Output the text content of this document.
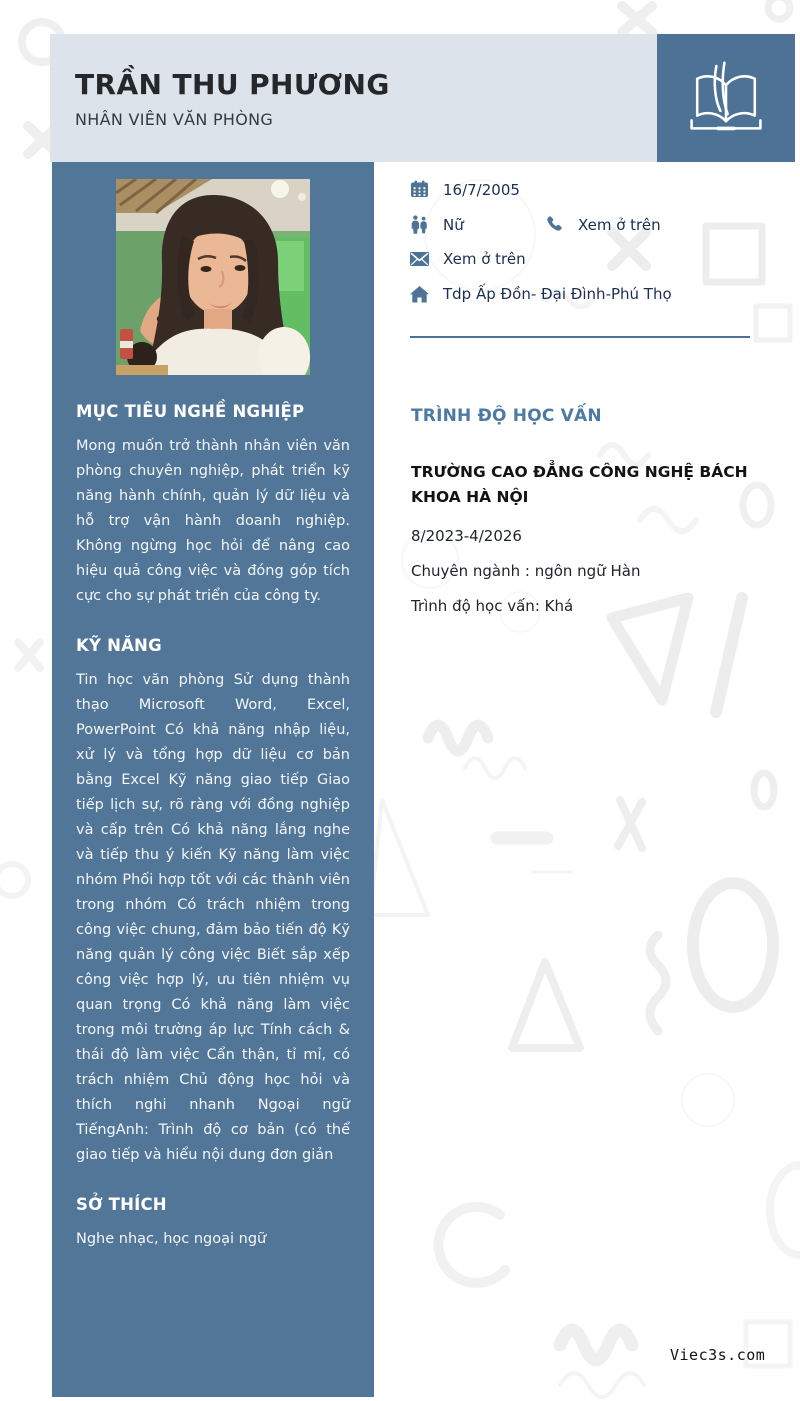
TRẦN THU PHƯƠNG
NHÂN VIÊN VĂN PHÒNG
MỤC TIÊU NGHỀ NGHIỆP

Mong muốn trở thành nhân viên văn phòng chuyên nghiệp, phát triển kỹ năng hành chính, quản lý dữ liệu và hỗ trợ vận hành doanh nghiệp. Không ngừng học hỏi để nâng cao hiệu quả công việc và đóng góp tích cực cho sự phát triển của công ty.

KỸ NĂNG

Tin học văn phòng Sử dụng thành thạo Microsoft Word, Excel, PowerPoint Có khả năng nhập liệu, xử lý và tổng hợp dữ liệu cơ bản bằng Excel Kỹ năng giao tiếp Giao tiếp lịch sự, rõ ràng với đồng nghiệp và cấp trên Có khả năng lắng nghe và tiếp thu ý kiến Kỹ năng làm việc nhóm Phối hợp tốt với các thành viên trong nhóm Có trách nhiệm trong công việc chung, đảm bảo tiến độ Kỹ năng quản lý công việc Biết sắp xếp công việc hợp lý, ưu tiên nhiệm vụ quan trọng Có khả năng làm việc trong môi trường áp lực Tính cách & thái độ làm việc Cẩn thận, tỉ mỉ, có trách nhiệm Chủ động học hỏi và thích nghi nhanh Ngoại ngữ TiếngAnh: Trình độ cơ bản (có thể giao tiếp và hiểu nội dung đơn giản

SỞ THÍCH

Nghe nhạc, học ngoại ngữ

16/7/2005
Nữ	Xem ở trên
Xem ở trên
Tdp Ấp Đồn- Đại Đình-Phú Thọ
TRÌNH ĐỘ HỌC VẤN

TRƯỜNG CAO ĐẲNG CÔNG NGHỆ BÁCH KHOA HÀ NỘI

8/2023-4/2026

Chuyên ngành : ngôn ngữ Hàn

Trình độ học vấn: Khá

Viec3s.com
